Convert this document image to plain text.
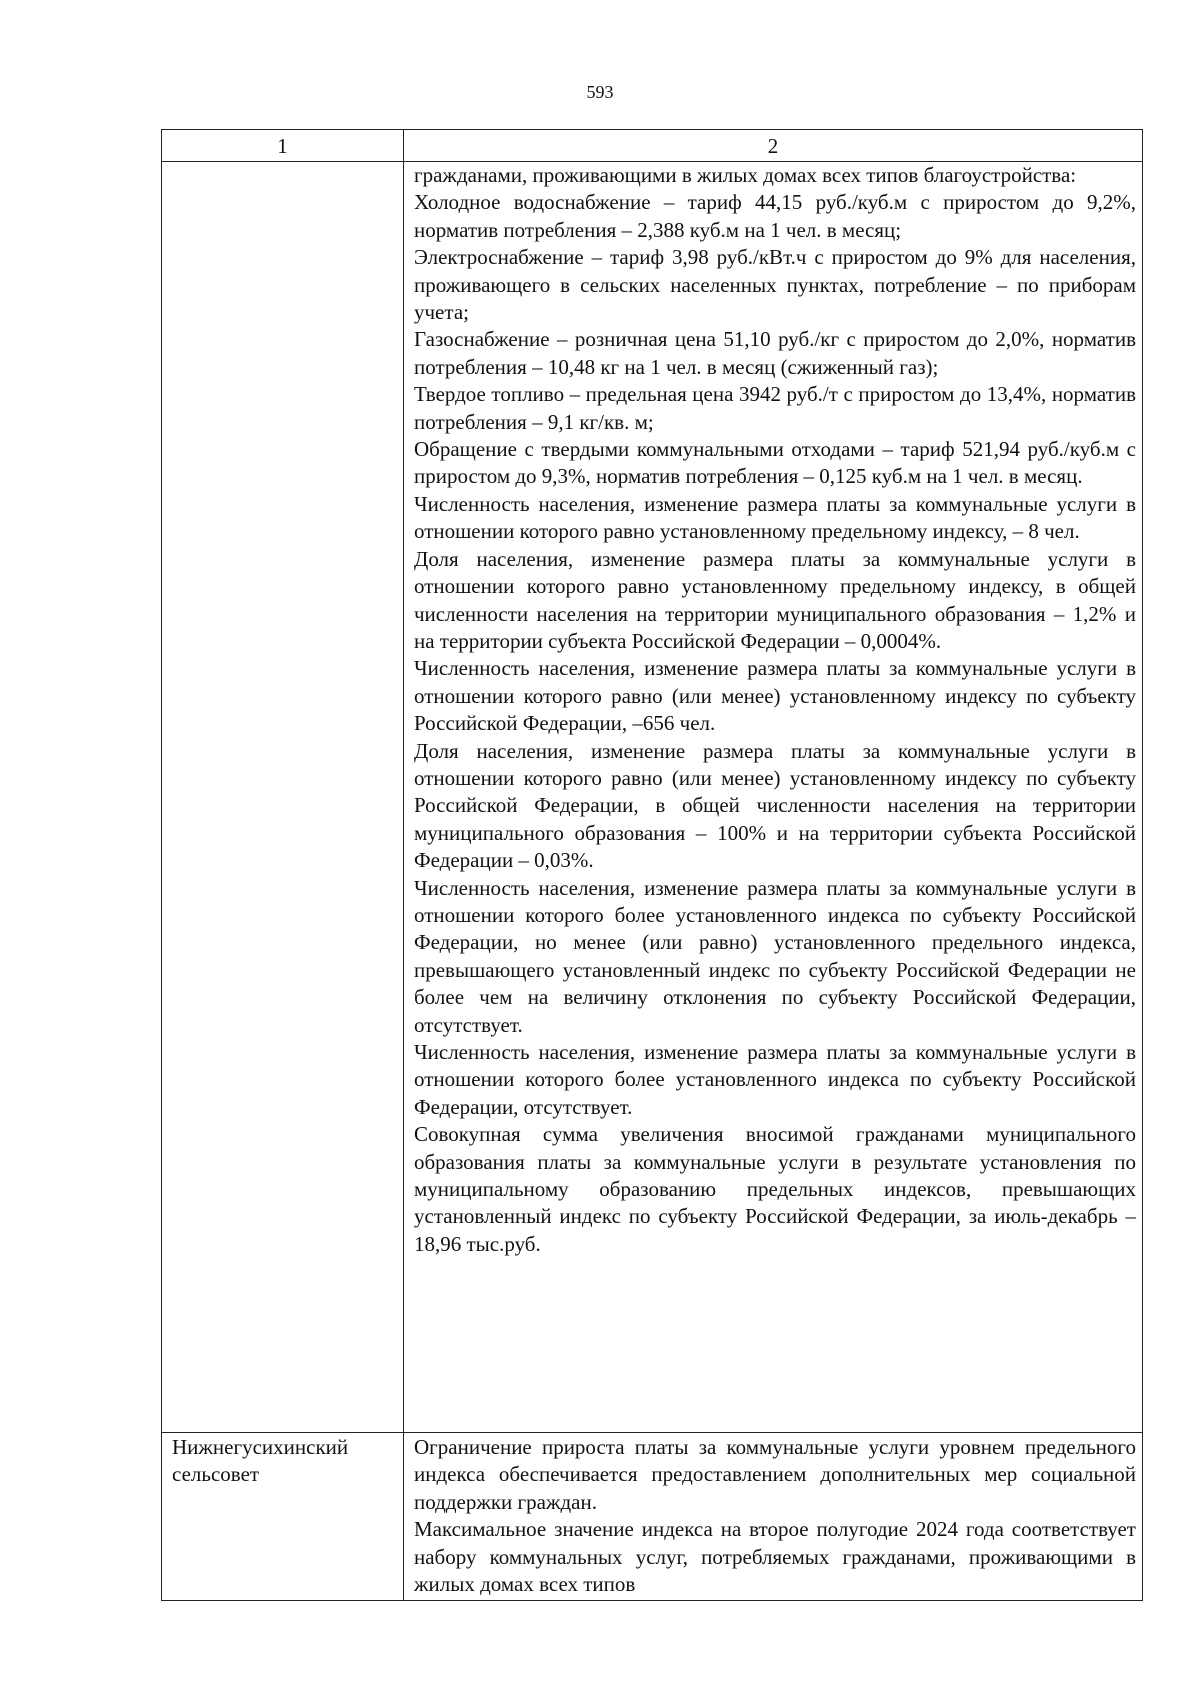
593
1	2

гражданами, проживающими в жилых домах всех типов благоустройства:

Холодное водоснабжение – тариф 44,15 руб./куб.м с приростом до 9,2%, норматив потребления – 2,388 куб.м на 1 чел. в месяц;

Электроснабжение – тариф 3,98 руб./кВт.ч с приростом до 9% для населения, проживающего в сельских населенных пунктах, потребление – по приборам учета;

Газоснабжение – розничная цена 51,10 руб./кг с приростом до 2,0%, норматив потребления – 10,48 кг на 1 чел. в месяц (сжиженный газ);

Твердое топливо – предельная цена 3942 руб./т с приростом до 13,4%, норматив потребления – 9,1 кг/кв. м;

Обращение с твердыми коммунальными отходами – тариф 521,94 руб./куб.м с приростом до 9,3%, норматив потребления – 0,125 куб.м на 1 чел. в месяц.

Численность населения, изменение размера платы за коммунальные услуги в отношении которого равно установленному предельному индексу, – 8 чел.

Доля населения, изменение размера платы за коммунальные услуги в отношении которого равно установленному предельному индексу, в общей численности населения на территории муниципального образования – 1,2% и на территории субъекта Российской Федерации – 0,0004%.

Численность населения, изменение размера платы за коммунальные услуги в отношении которого равно (или менее) установленному индексу по субъекту Российской Федерации, –656 чел.

Доля населения, изменение размера платы за коммунальные услуги в отношении которого равно (или менее) установленному индексу по субъекту Российской Федерации, в общей численности населения на территории муниципального образования – 100% и на территории субъекта Российской Федерации – 0,03%.

Численность населения, изменение размера платы за коммунальные услуги в отношении которого более установленного индекса по субъекту Российской Федерации, но менее (или равно) установленного предельного индекса, превышающего установленный индекс по субъекту Российской Федерации не более чем на величину отклонения по субъекту Российской Федерации, отсутствует.

Численность населения, изменение размера платы за коммунальные услуги в отношении которого более установленного индекса по субъекту Российской Федерации, отсутствует.

Совокупная сумма увеличения вносимой гражданами муниципального образования платы за коммунальные услуги в результате установления по муниципальному образованию предельных индексов, превышающих установленный индекс по субъекту Российской Федерации, за июль-декабрь – 18,96 тыс.руб.

Нижнегусихинский сельсовет

Ограничение прироста платы за коммунальные услуги уровнем предельного индекса обеспечивается предоставлением дополнительных мер социальной поддержки граждан.

Максимальное значение индекса на второе полугодие 2024 года соответствует набору коммунальных услуг, потребляемых гражданами, проживающими в жилых домах всех типов
